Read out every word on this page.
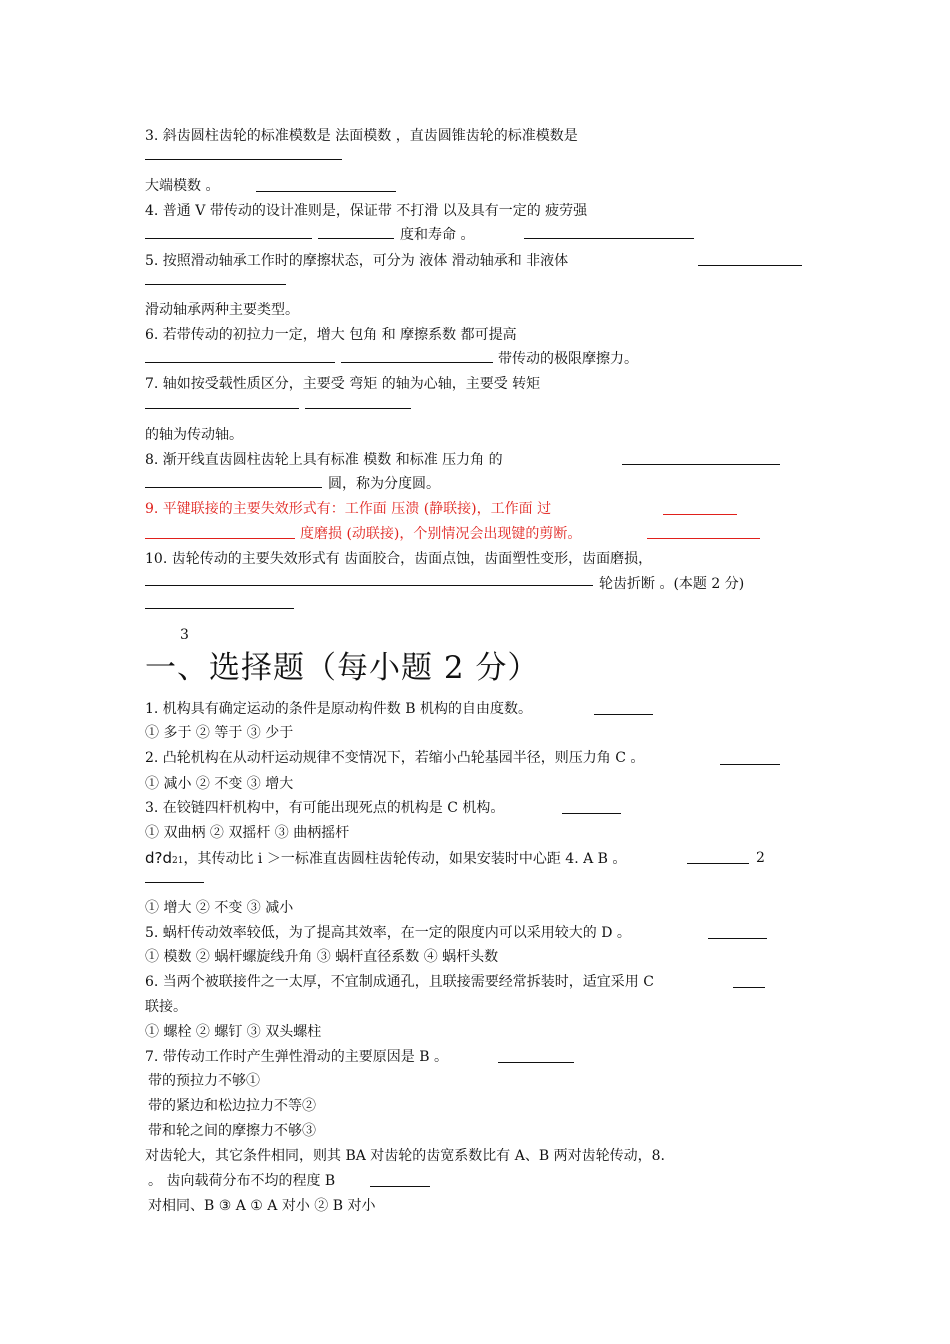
3. 斜齿圆柱齿轮的标准模数是 法面模数 ，直齿圆锥齿轮的标准模数是
大端模数 。
4. 普通 V 带传动的设计准则是，保证带 不打滑 以及具有一定的 疲劳强
度和寿命 。
5. 按照滑动轴承工作时的摩擦状态，可分为 液体 滑动轴承和 非液体
滑动轴承两种主要类型。
6. 若带传动的初拉力一定，增大 包角 和 摩擦系数 都可提高
带传动的极限摩擦力。
7. 轴如按受载性质区分，主要受 弯矩 的轴为心轴，主要受 转矩
的轴为传动轴。
8. 渐开线直齿圆柱齿轮上具有标准 模数 和标准 压力角 的
圆，称为分度圆。
9. 平键联接的主要失效形式有：工作面 压溃 (静联接)，工作面 过
度磨损 (动联接)，个别情况会出现键的剪断。
10. 齿轮传动的主要失效形式有 齿面胶合，齿面点蚀，齿面塑性变形，齿面磨损，
轮齿折断 。(本题 2 分)
3
一、选择题（每小题 2 分）
1. 机构具有确定运动的条件是原动构件数 B 机构的自由度数。
① 多于 ② 等于 ③ 少于
2. 凸轮机构在从动杆运动规律不变情况下，若缩小凸轮基园半径，则压力角 C 。
① 减小 ② 不变 ③ 增大
3. 在铰链四杆机构中，有可能出现死点的机构是 C 机构。
① 双曲柄 ② 双摇杆 ③ 曲柄摇杆
d?d21，其传动比 i ＞一标准直齿圆柱齿轮传动，如果安装时中心距 4. A B 。	2
① 增大 ② 不变 ③ 减小
5. 蜗杆传动效率较低，为了提高其效率，在一定的限度内可以采用较大的 D 。
① 模数 ② 蜗杆螺旋线升角 ③ 蜗杆直径系数 ④ 蜗杆头数
6. 当两个被联接件之一太厚，不宜制成通孔，且联接需要经常拆装时，适宜采用 C
联接。
① 螺栓 ② 螺钉 ③ 双头螺柱
7. 带传动工作时产生弹性滑动的主要原因是 B 。
带的预拉力不够①
带的紧边和松边拉力不等②
带和轮之间的摩擦力不够③
对齿轮大，其它条件相同，则其 BA 对齿轮的齿宽系数比有 A、B 两对齿轮传动，8.
。 齿向载荷分布不均的程度 B
对相同、B ③ A ① A 对小 ② B 对小
